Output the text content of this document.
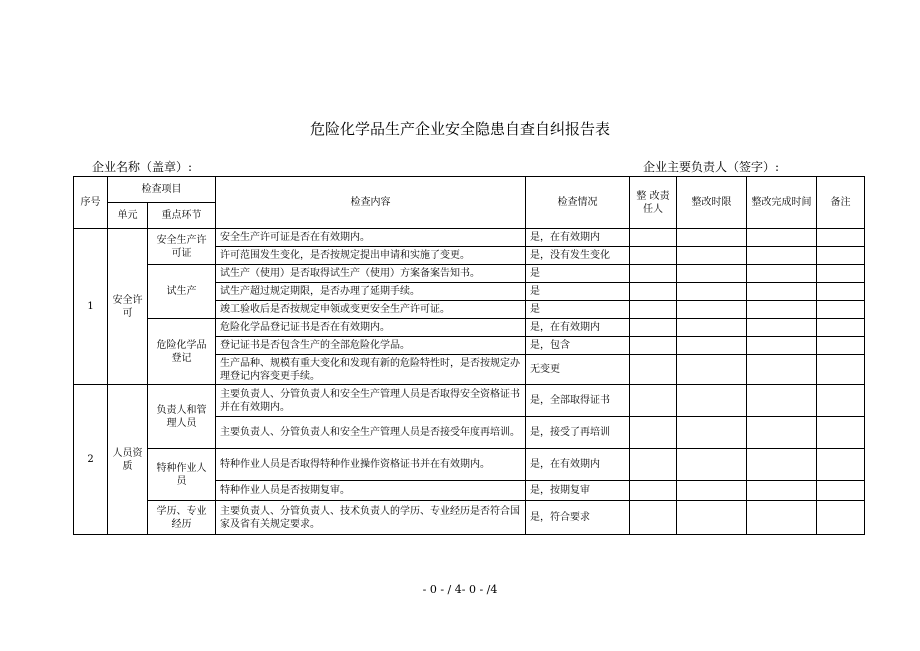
危险化学品生产企业安全隐患自查自纠报告表
企业名称（盖章）:	企业主要负责人（签字）:
序号	检查项目		检查内容	检查情况	整 改责任人	整改时限	整改完成时间	备注
	单元	重点环节						
1	安全许可	安全生产许可证	安全生产许可证是否在有效期内。	是，在有效期内				
			许可范围发生变化，是否按规定提出申请和实施了变更。	是，没有发生变化				
		试生产	试生产（使用）是否取得试生产（使用）方案备案告知书。	是				
			试生产超过规定期限，是否办理了延期手续。	是				
			竣工验收后是否按规定申领或变更安全生产许可证。	是				
		危险化学品登记	危险化学品登记证书是否在有效期内。	是，在有效期内				
			登记证书是否包含生产的全部危险化学品。	是，包含				
			生产品种、规模有重大变化和发现有新的危险特性时，是否按规定办理登记内容变更手续。	无变更				
2	人员资质	负责人和管理人员	主要负责人、分管负责人和安全生产管理人员是否取得安全资格证书并在有效期内。	是，全部取得证书				
			主要负责人、分管负责人和安全生产管理人员是否接受年度再培训。	是，接受了再培训				
		特种作业人员	特种作业人员是否取得特种作业操作资格证书并在有效期内。	是，在有效期内				
			特种作业人员是否按期复审。	是，按期复审				
		学历、专业经历	主要负责人、分管负责人、技术负责人的学历、专业经历是否符合国家及省有关规定要求。	是，符合要求				
- 0 - / 4- 0 - /4
